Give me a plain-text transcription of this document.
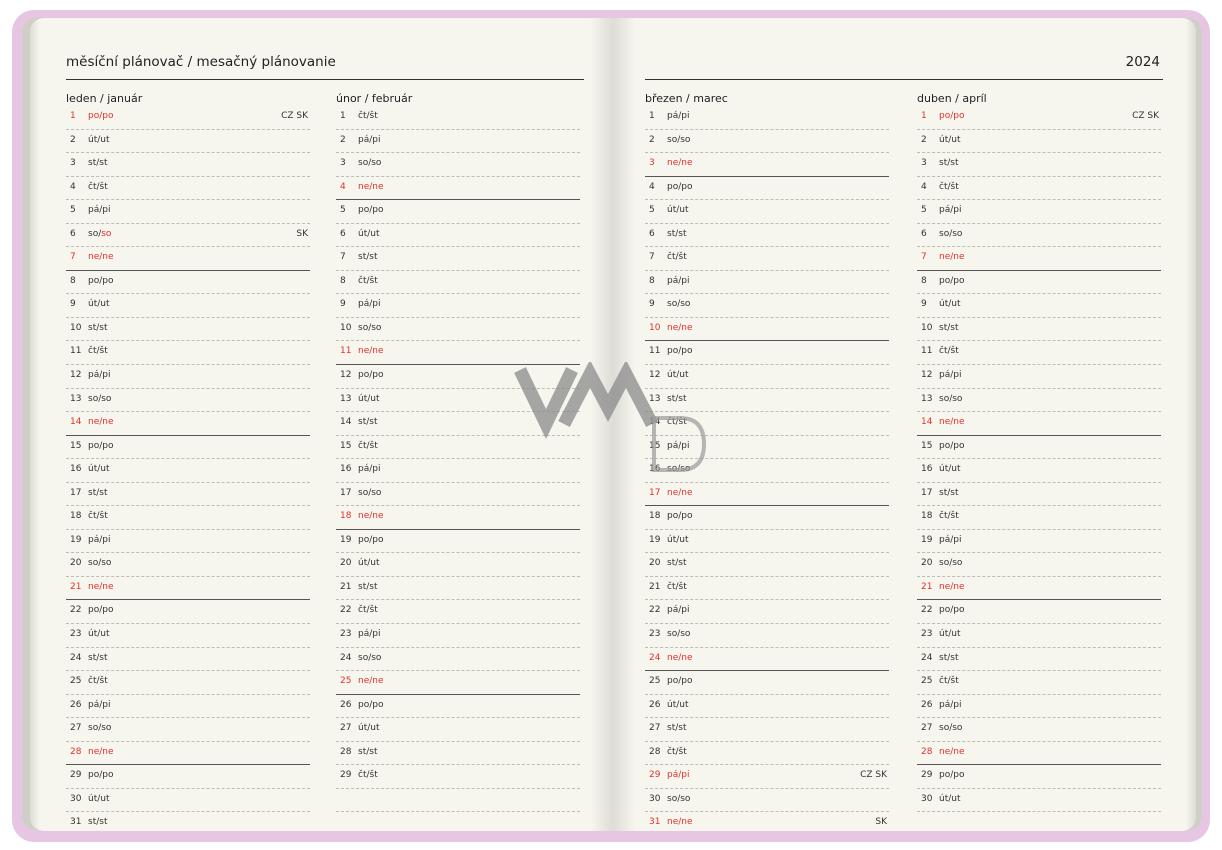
měsíční plánovač / mesačný plánovanie
leden / január
1	po/po	CZ SK
2	út/ut
3	st/st
4	čt/št
5	pá/pi
6	so/so	SK
7	ne/ne
8	po/po
9	út/ut
10 st/st
11 čt/št
12 pá/pi
13 so/so
14 ne/ne
15 po/po
16 út/ut
17 st/st
18 čt/št
19 pá/pi
20 so/so
21 ne/ne
22 po/po
23 út/ut
24 st/st
25 čt/št
26 pá/pi
27 so/so
28 ne/ne
29 po/po
30 út/ut
31 st/st
únor / február
1	čt/št
2	pá/pi
3	so/so
4	ne/ne
5	po/po
6	út/ut
7	st/st
8	čt/št
9	pá/pi
10 so/so
11 ne/ne
12 po/po
13 út/ut
14 st/st
15 čt/št
16 pá/pi
17 so/so
18 ne/ne
19 po/po
20 út/ut
21 st/st
22 čt/št
23 pá/pi
24 so/so
25 ne/ne
26 po/po
27 út/ut
28 st/st
29 čt/št
2024
březen / marec
1	pá/pi
2	so/so
3	ne/ne
4	po/po
5	út/ut
6	st/st
7	čt/št
8	pá/pi
9	so/so
10 ne/ne
11 po/po
12 út/ut
13 st/st
14 čt/št
15 pá/pi
16 so/so
17 ne/ne
18 po/po
19 út/ut
20 st/st
21 čt/št
22 pá/pi
23 so/so
24 ne/ne
25 po/po
26 út/ut
27 st/st
28 čt/št
29 pá/pi	CZ SK
30 so/so
31 ne/ne	SK
duben / apríl
1	po/po	CZ SK
2	út/ut
3	st/st
4	čt/št
5	pá/pi
6	so/so
7	ne/ne
8	po/po
9	út/ut
10 st/st
11 čt/št
12 pá/pi
13 so/so
14 ne/ne
15 po/po
16 út/ut
17 st/st
18 čt/št
19 pá/pi
20 so/so
21 ne/ne
22 po/po
23 út/ut
24 st/st
25 čt/št
26 pá/pi
27 so/so
28 ne/ne
29 po/po
30 út/ut
VMD
